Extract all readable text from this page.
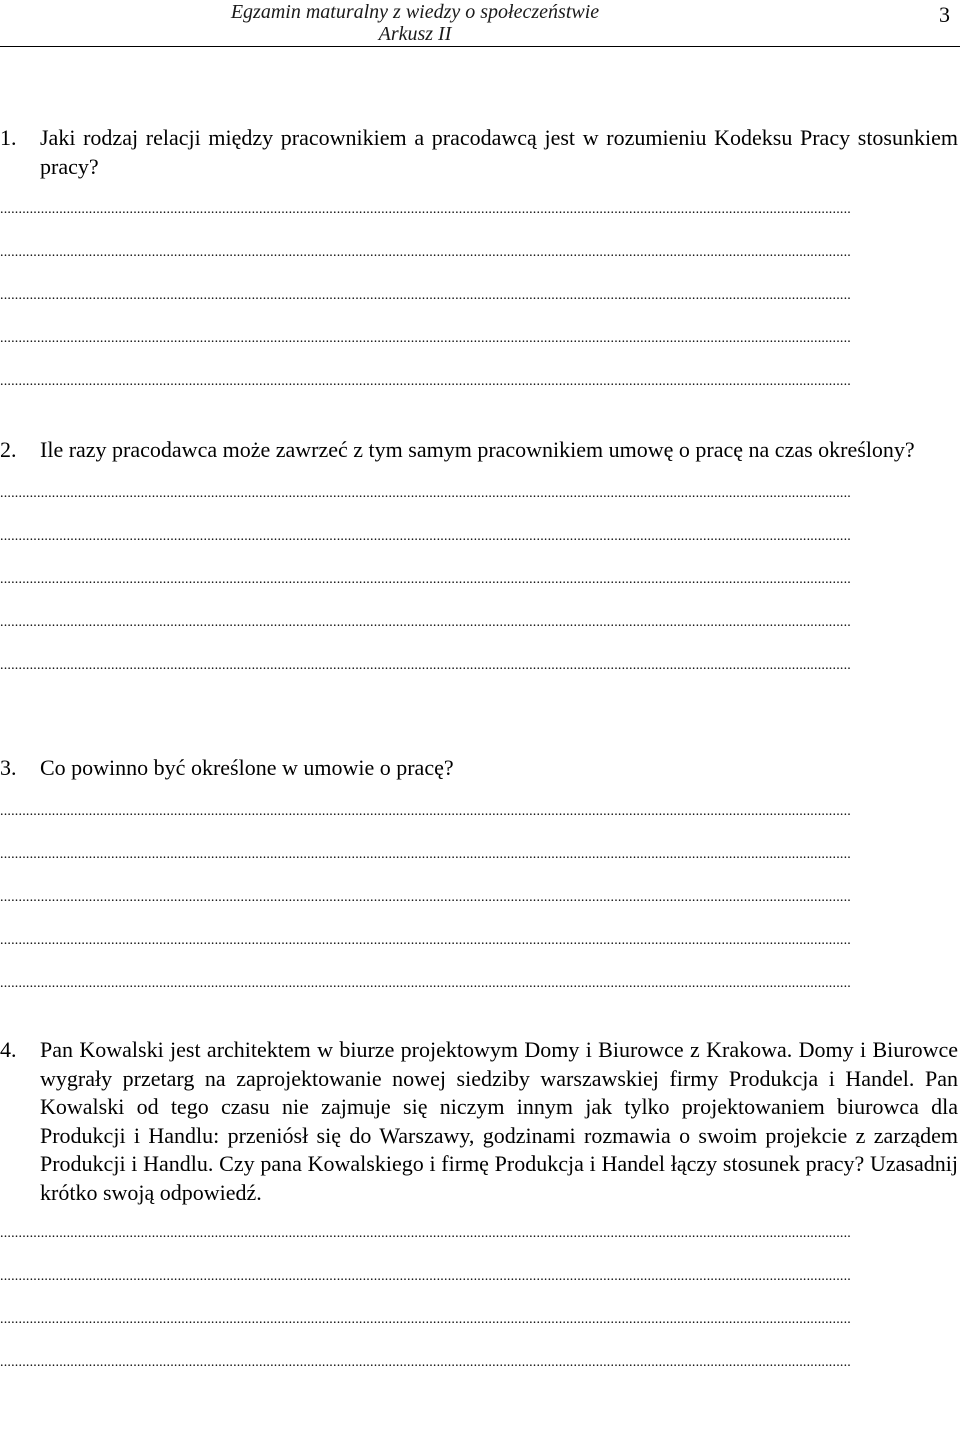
Egzamin maturalny z wiedzy o społeczeństwie
Arkusz II
3
1.	Jaki rodzaj relacji między pracownikiem a pracodawcą jest w rozumieniu Kodeksu Pracy stosunkiem pracy?
......................................................................................................................................................................................................................................
......................................................................................................................................................................................................................................
......................................................................................................................................................................................................................................
......................................................................................................................................................................................................................................
......................................................................................................................................................................................................................................
2.	Ile razy pracodawca może zawrzeć z tym samym pracownikiem umowę o pracę na czas określony?
......................................................................................................................................................................................................................................
......................................................................................................................................................................................................................................
......................................................................................................................................................................................................................................
......................................................................................................................................................................................................................................
......................................................................................................................................................................................................................................
3.	Co powinno być określone w umowie o pracę?
......................................................................................................................................................................................................................................
......................................................................................................................................................................................................................................
......................................................................................................................................................................................................................................
......................................................................................................................................................................................................................................
......................................................................................................................................................................................................................................
4.	Pan Kowalski jest architektem w biurze projektowym Domy i Biurowce z Krakowa. Domy i Biurowce wygrały przetarg na zaprojektowanie nowej siedziby warszawskiej firmy Produkcja i Handel. Pan Kowalski od tego czasu nie zajmuje się niczym innym jak tylko projektowaniem biurowca dla Produkcji i Handlu: przeniósł się do Warszawy, godzinami rozmawia o swoim projekcie z zarządem Produkcji i Handlu. Czy pana Kowalskiego i firmę Produkcja i Handel łączy stosunek pracy? Uzasadnij krótko swoją odpowiedź.
......................................................................................................................................................................................................................................
......................................................................................................................................................................................................................................
......................................................................................................................................................................................................................................
......................................................................................................................................................................................................................................
